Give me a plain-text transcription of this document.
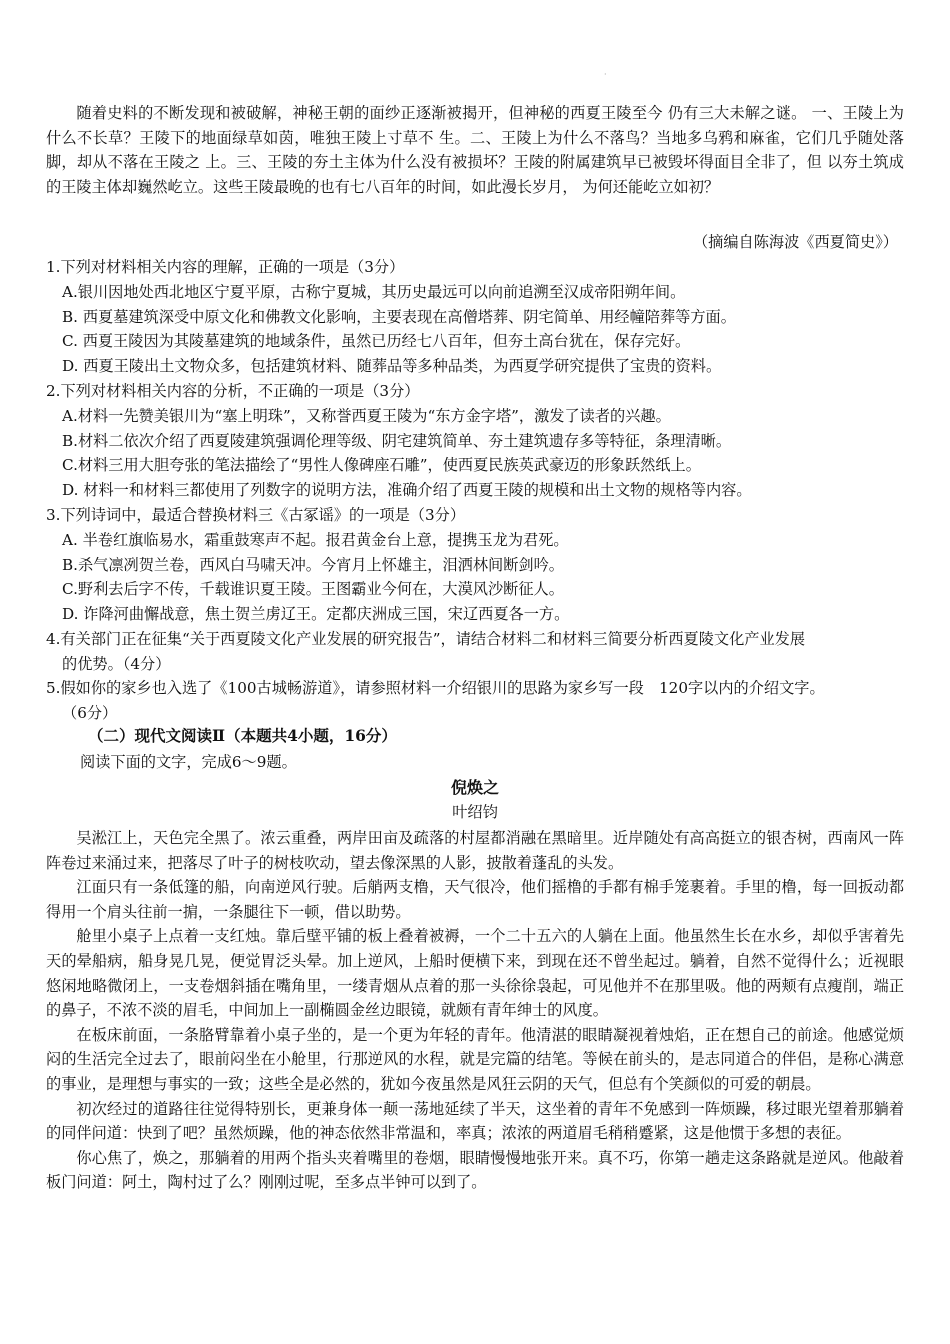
·

随着史料的不断发现和被破解，神秘王朝的面纱正逐渐被揭开，但神秘的西夏王陵至今 仍有三大未解之谜。 一、王陵上为什么不长草？王陵下的地面绿草如茵，唯独王陵上寸草不 生。二、王陵上为什么不落鸟？当地多乌鸦和麻雀，它们几乎随处落脚，却从不落在王陵之 上。三、王陵的夯土主体为什么没有被损坏？王陵的附属建筑早已被毁坏得面目全非了，但 以夯土筑成的王陵主体却巍然屹立。这些王陵最晚的也有七八百年的时间，如此漫长岁月， 为何还能屹立如初？

（摘编自陈海波《西夏简史》）

1.下列对材料相关内容的理解，正确的一项是（3分）

A.银川因地处西北地区宁夏平原，古称宁夏城，其历史最远可以向前追溯至汉成帝阳朔年间。

B. 西夏墓建筑深受中原文化和佛教文化影响，主要表现在高僧塔葬、阴宅简单、用经幢陪葬等方面。

C. 西夏王陵因为其陵墓建筑的地域条件，虽然已历经七八百年，但夯土高台犹在，保存完好。

D. 西夏王陵出土文物众多，包括建筑材料、随葬品等多种品类，为西夏学研究提供了宝贵的资料。

2.下列对材料相关内容的分析，不正确的一项是（3分）

A.材料一先赞美银川为“塞上明珠”，又称誉西夏王陵为“东方金字塔”，激发了读者的兴趣。

B.材料二依次介绍了西夏陵建筑强调伦理等级、阴宅建筑简单、夯土建筑遗存多等特征，条理清晰。

C.材料三用大胆夸张的笔法描绘了“男性人像碑座石雕”，使西夏民族英武豪迈的形象跃然纸上。

D. 材料一和材料三都使用了列数字的说明方法，准确介绍了西夏王陵的规模和出土文物的规格等内容。

3.下列诗词中，最适合替换材料三《古冢谣》的一项是（3分）

A. 半卷红旗临易水，霜重鼓寒声不起。报君黄金台上意，提携玉龙为君死。

B.杀气凛冽贺兰卷，西风白马啸天冲。今宵月上怀雄主，泪洒林间断剑吟。

C.野利去后字不传，千载谁识夏王陵。王图霸业今何在，大漠风沙断征人。

D. 诈降河曲懈战意，焦土贺兰虏辽王。定都庆洲成三国，宋辽西夏各一方。

4.有关部门正在征集“关于西夏陵文化产业发展的研究报告”，请结合材料二和材料三简要分析西夏陵文化产业发展

的优势。（4分）

5.假如你的家乡也入选了《100古城畅游道》，请参照材料一介绍银川的思路为家乡写一段　120字以内的介绍文字。

（6分）

（二）现代文阅读Ⅱ（本题共4小题，16分）
阅读下面的文字，完成6～9题。
倪焕之
叶绍钧

吴淞江上，天色完全黑了。浓云重叠，两岸田亩及疏落的村屋都消融在黑暗里。近岸随处有高高挺立的银杏树，西南风一阵阵卷过来涌过来，把落尽了叶子的树枝吹动，望去像深黑的人影，披散着蓬乱的头发。

江面只有一条低篷的船，向南逆风行驶。后艄两支橹，天气很冷，他们摇橹的手都有棉手笼裹着。手里的橹，每一回扳动都得用一个肩头往前一掮，一条腿往下一顿，借以助势。

舱里小桌子上点着一支红烛。靠后壁平铺的板上叠着被褥，一个二十五六的人躺在上面。他虽然生长在水乡，却似乎害着先天的晕船病，船身晃几晃，便觉胃泛头晕。加上逆风，上船时便横下来，到现在还不曾坐起过。躺着，自然不觉得什么；近视眼悠闲地略微闭上，一支卷烟斜插在嘴角里，一缕青烟从点着的那一头徐徐袅起，可见他并不在那里吸。他的两颊有点瘦削，端正的鼻子，不浓不淡的眉毛，中间加上一副椭圆金丝边眼镜，就颇有青年绅士的风度。

在板床前面，一条胳臂靠着小桌子坐的，是一个更为年轻的青年。他清湛的眼睛凝视着烛焰，正在想自己的前途。他感觉烦闷的生活完全过去了，眼前闷坐在小舱里，行那逆风的水程，就是完篇的结笔。等候在前头的，是志同道合的伴侣，是称心满意的事业，是理想与事实的一致；这些全是必然的，犹如今夜虽然是风狂云阴的天气，但总有个笑颜似的可爱的朝晨。

初次经过的道路往往觉得特别长，更兼身体一颠一荡地延续了半天，这坐着的青年不免感到一阵烦躁，移过眼光望着那躺着的同伴问道：快到了吧？虽然烦躁，他的神态依然非常温和，率真；浓浓的两道眉毛稍稍蹙紧，这是他惯于多想的表征。

你心焦了，焕之，那躺着的用两个指头夹着嘴里的卷烟，眼睛慢慢地张开来。真不巧，你第一趟走这条路就是逆风。他敲着板门问道：阿土，陶村过了么？刚刚过呢，至多点半钟可以到了。
